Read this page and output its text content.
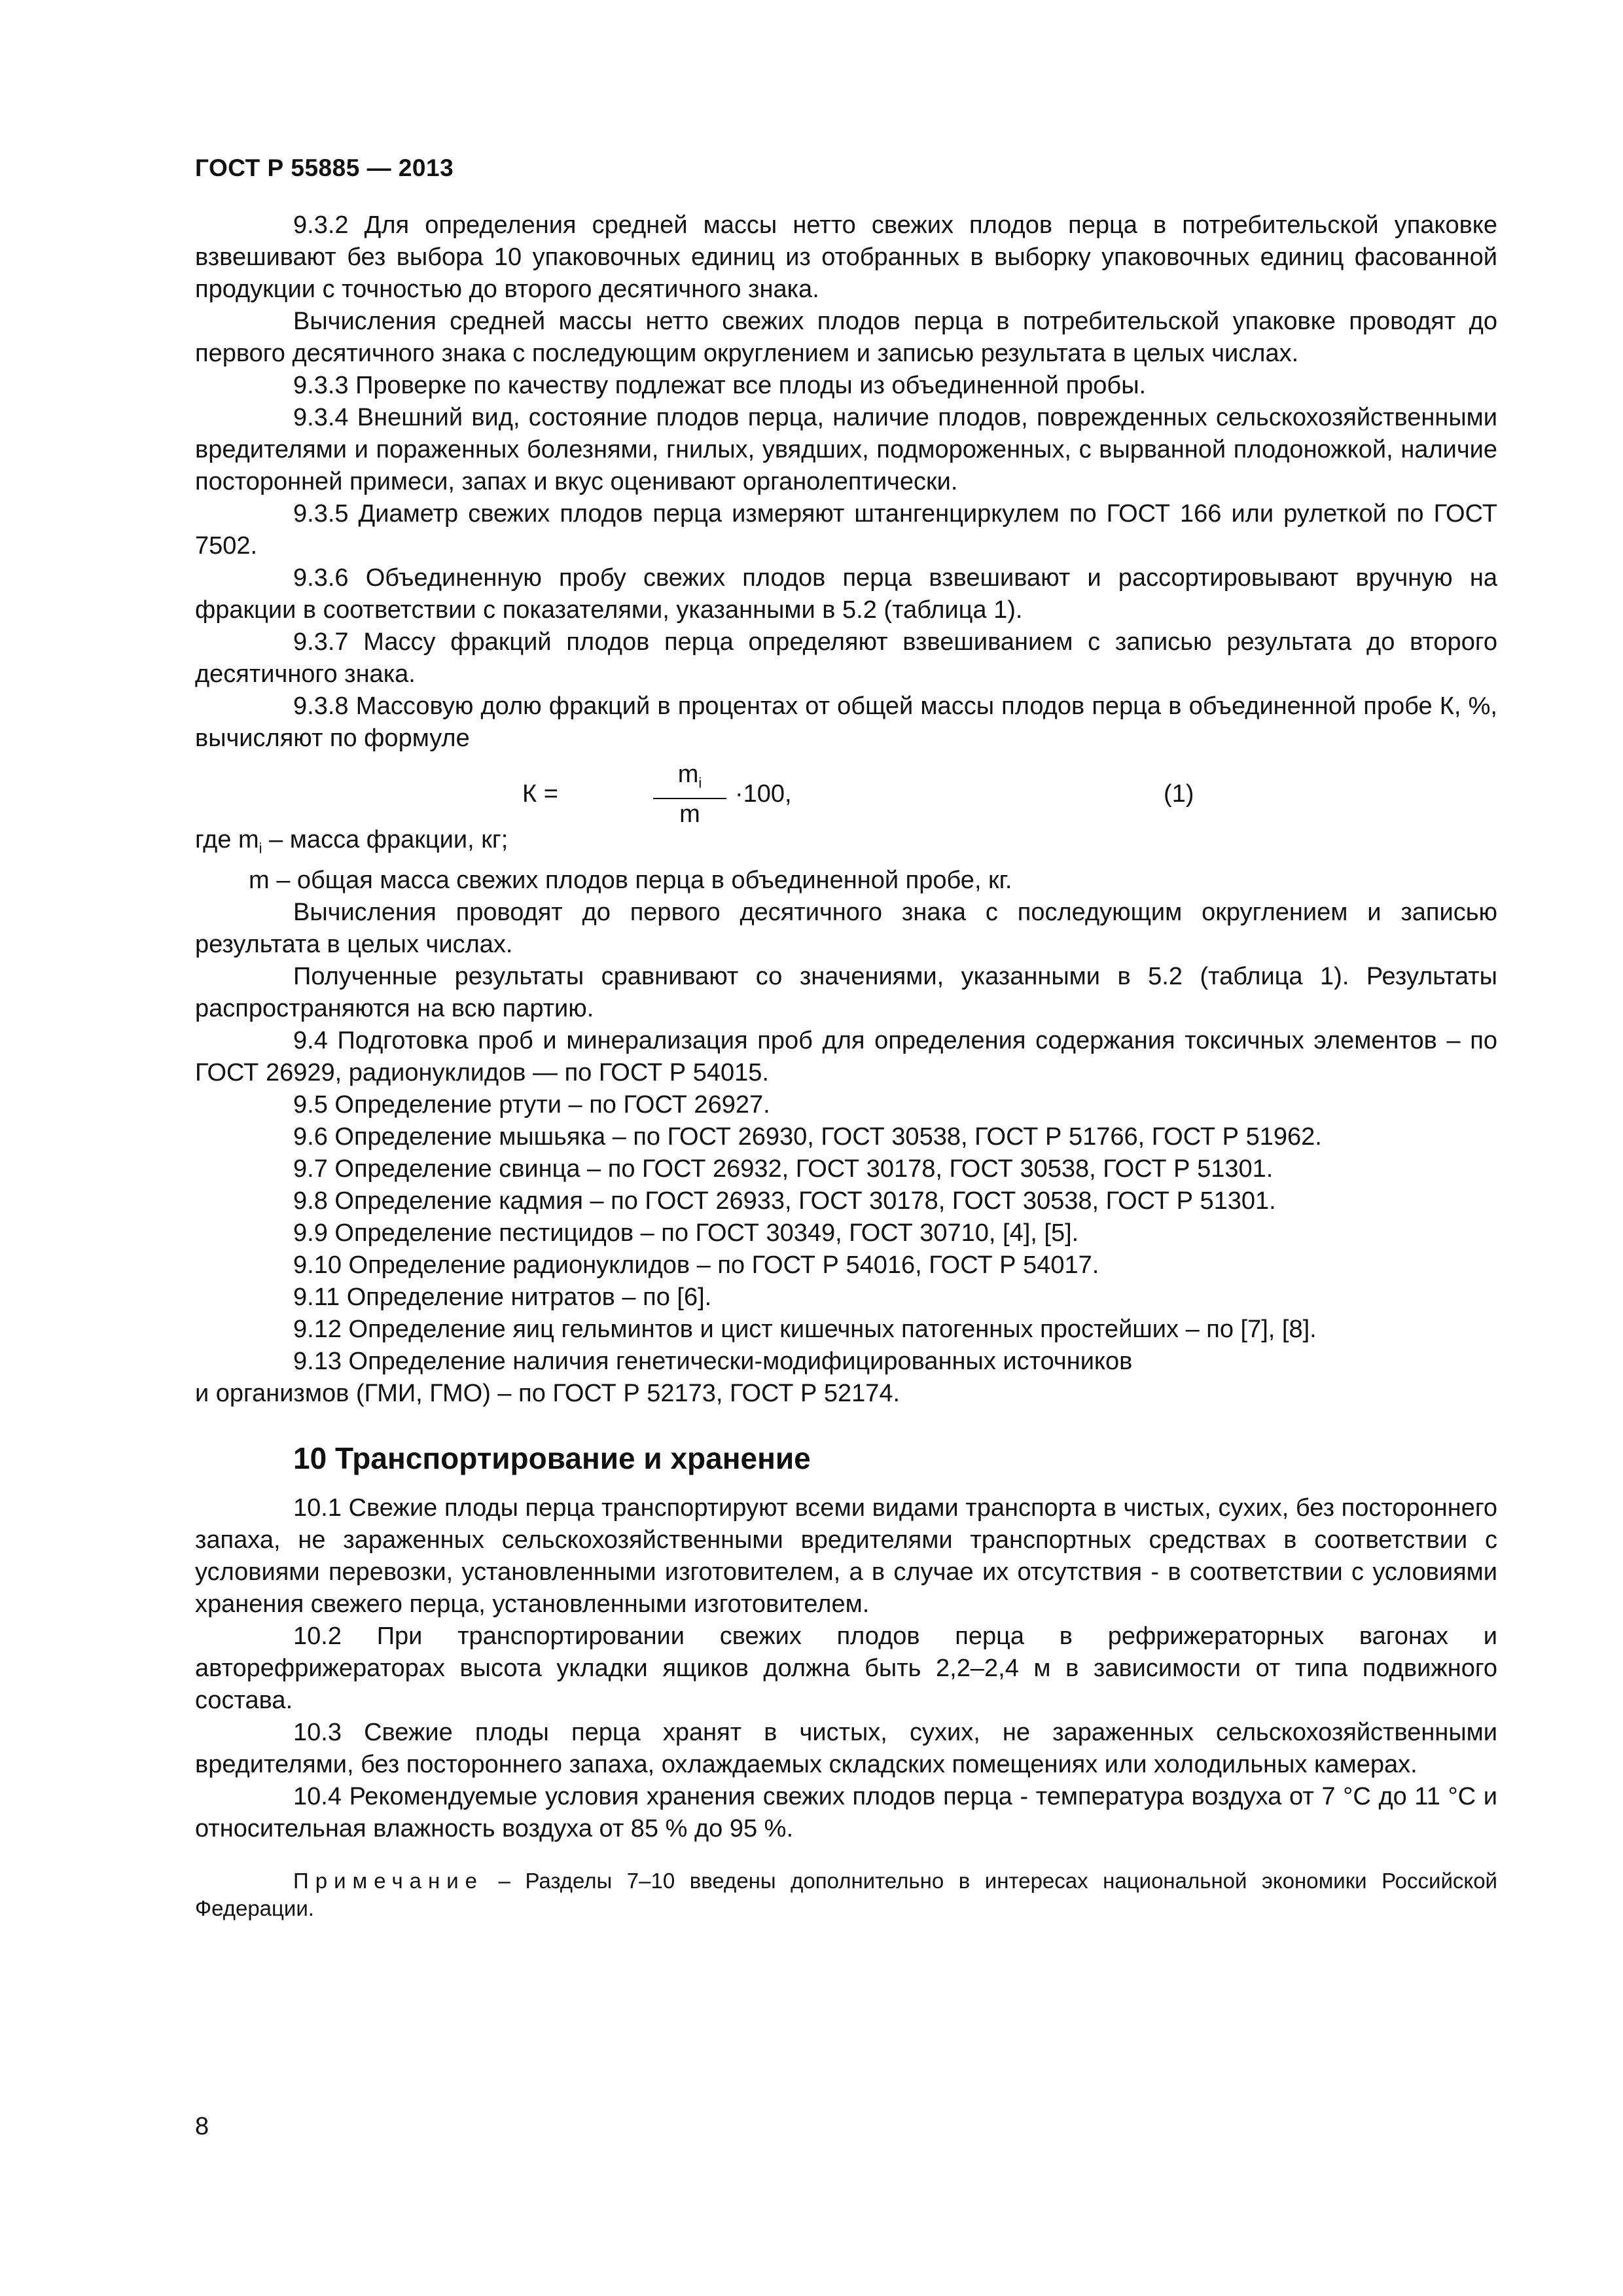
ГОСТ Р 55885 — 2013

9.3.2 Для определения средней массы нетто свежих плодов перца в потребительской упаковке взвешивают без выбора 10 упаковочных единиц из отобранных в выборку упаковочных единиц фасованной продукции с точностью до второго десятичного знака.

Вычисления средней массы нетто свежих плодов перца в потребительской упаковке проводят до первого десятичного знака с последующим округлением и записью результата в целых числах.

9.3.3 Проверке по качеству подлежат все плоды из объединенной пробы.

9.3.4 Внешний вид, состояние плодов перца, наличие плодов, поврежденных сельскохозяйственными вредителями и пораженных болезнями, гнилых, увядших, подмороженных, с вырванной плодоножкой, наличие посторонней примеси, запах и вкус оценивают органолептически.

9.3.5 Диаметр свежих плодов перца измеряют штангенциркулем по ГОСТ 166 или рулеткой по ГОСТ 7502.

9.3.6 Объединенную пробу свежих плодов перца взвешивают и рассортировывают вручную на фракции в соответствии с показателями, указанными в 5.2 (таблица 1).

9.3.7 Массу фракций плодов перца определяют взвешиванием с записью результата до второго десятичного знака.

9.3.8 Массовую долю фракций в процентах от общей массы плодов перца в объединенной пробе К, %, вычисляют по формуле

К =	$\frac{m_i}{m} \cdot 100$,	(1)

где $m_i$ – масса фракции, кг;

m – общая масса свежих плодов перца в объединенной пробе, кг.

Вычисления проводят до первого десятичного знака с последующим округлением и записью результата в целых числах.

Полученные результаты сравнивают со значениями, указанными в 5.2 (таблица 1). Результаты распространяются на всю партию.

9.4 Подготовка проб и минерализация проб для определения содержания токсичных элементов – по ГОСТ 26929, радионуклидов — по ГОСТ Р 54015.

9.5 Определение ртути – по ГОСТ 26927.

9.6 Определение мышьяка – по ГОСТ 26930, ГОСТ 30538, ГОСТ Р 51766, ГОСТ Р 51962.

9.7 Определение свинца – по ГОСТ 26932, ГОСТ 30178, ГОСТ 30538, ГОСТ Р 51301.

9.8 Определение кадмия – по ГОСТ 26933, ГОСТ 30178, ГОСТ 30538, ГОСТ Р 51301.

9.9 Определение пестицидов – по ГОСТ 30349, ГОСТ 30710, [4], [5].

9.10 Определение радионуклидов – по ГОСТ Р 54016, ГОСТ Р 54017.

9.11 Определение нитратов – по [6].

9.12 Определение яиц гельминтов и цист кишечных патогенных простейших – по [7], [8].

9.13 Определение наличия генетически-модифицированных источников

и организмов (ГМИ, ГМО) – по ГОСТ Р 52173, ГОСТ Р 52174.

10 Транспортирование и хранение

10.1 Свежие плоды перца транспортируют всеми видами транспорта в чистых, сухих, без постороннего запаха, не зараженных сельскохозяйственными вредителями транспортных средствах в соответствии с условиями перевозки, установленными изготовителем, а в случае их отсутствия - в соответствии с условиями хранения свежего перца, установленными изготовителем.

10.2 При транспортировании свежих плодов перца в рефрижераторных вагонах и авторефрижераторах высота укладки ящиков должна быть 2,2–2,4 м в зависимости от типа подвижного состава.

10.3 Свежие плоды перца хранят в чистых, сухих, не зараженных сельскохозяйственными вредителями, без постороннего запаха, охлаждаемых складских помещениях или холодильных камерах.

10.4 Рекомендуемые условия хранения свежих плодов перца - температура воздуха от 7 °С до 11 °С и относительная влажность воздуха от 85 % до 95 %.

Примечание – Разделы 7–10 введены дополнительно в интересах национальной экономики Российской Федерации.

8
